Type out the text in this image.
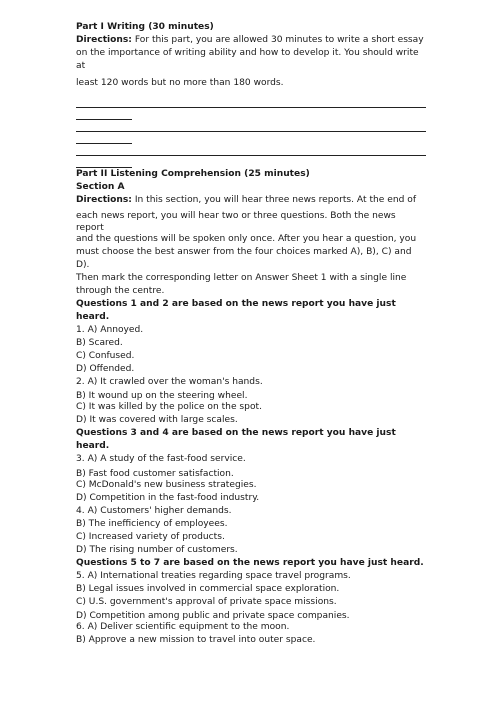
Part I Writing (30 minutes)
Directions: For this part, you are allowed 30 minutes to write a short essay
on the importance of writing ability and how to develop it. You should write at
least 120 words but no more than 180 words.
Part II Listening Comprehension (25 minutes)
Section A
Directions: In this section, you will hear three news reports. At the end of
each news report, you will hear two or three questions. Both the news report
and the questions will be spoken only once. After you hear a question, you
must choose the best answer from the four choices marked A), B), C) and D).
Then mark the corresponding letter on Answer Sheet 1 with a single line
through the centre.
Questions 1 and 2 are based on the news report you have just heard.
1. A) Annoyed.
B) Scared.
C) Confused.
D) Offended.
2. A) It crawled over the woman's hands.
B) It wound up on the steering wheel.
C) It was killed by the police on the spot.
D) It was covered with large scales.
Questions 3 and 4 are based on the news report you have just heard.
3. A) A study of the fast-food service.
B) Fast food customer satisfaction.
C) McDonald's new business strategies.
D) Competition in the fast-food industry.
4. A) Customers' higher demands.
B) The inefficiency of employees.
C) Increased variety of products.
D) The rising number of customers.
Questions 5 to 7 are based on the news report you have just heard.
5. A) International treaties regarding space travel programs.
B) Legal issues involved in commercial space exploration.
C) U.S. government's approval of private space missions.
D) Competition among public and private space companies.
6. A) Deliver scientific equipment to the moon.
B) Approve a new mission to travel into outer space.
